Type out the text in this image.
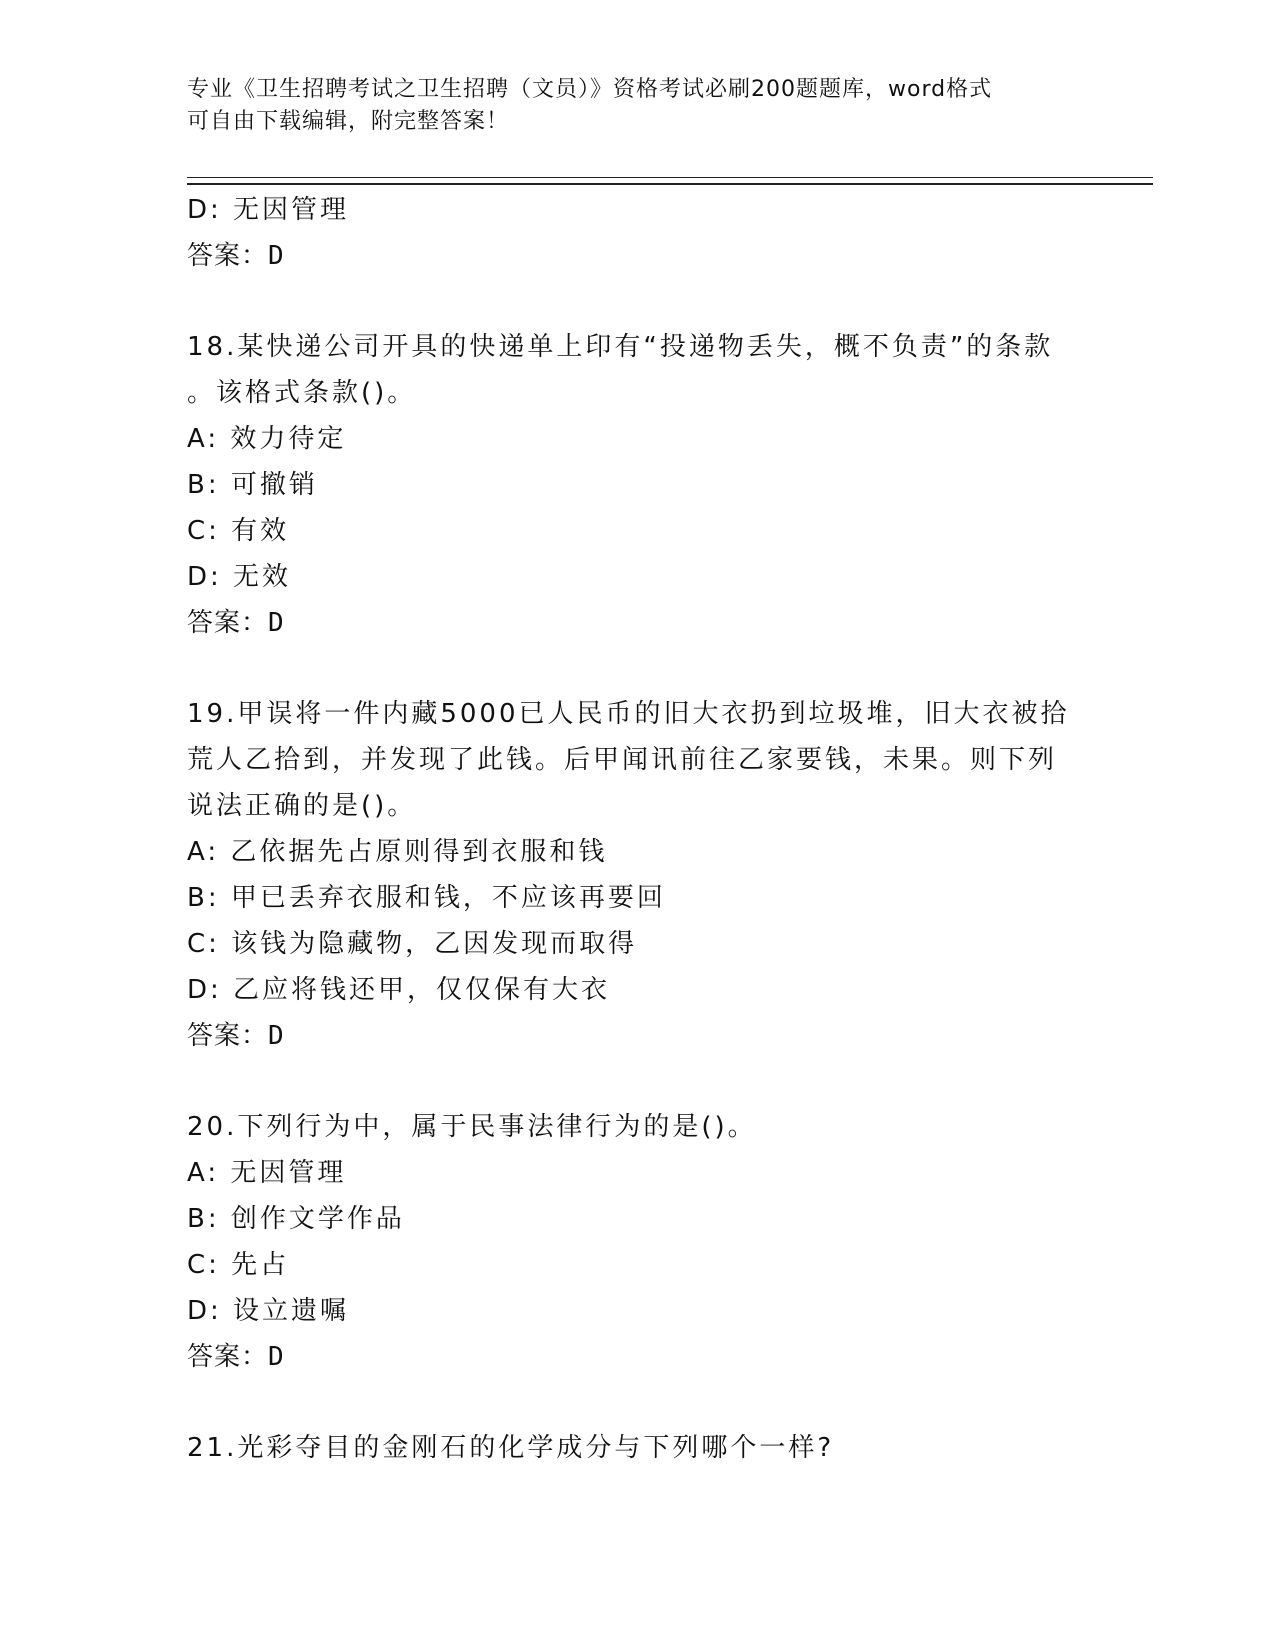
专业《卫生招聘考试之卫生招聘（文员）》资格考试必刷200题题库，word格式
可自由下载编辑，附完整答案！
D: 无因管理
答案：D
18.某快递公司开具的快递单上印有“投递物丢失，概不负责”的条款
。该格式条款()。
A: 效力待定
B: 可撤销
C: 有效
D: 无效
答案：D
19.甲误将一件内藏5000已人民币的旧大衣扔到垃圾堆，旧大衣被拾
荒人乙拾到，并发现了此钱。后甲闻讯前往乙家要钱，未果。则下列
说法正确的是()。
A: 乙依据先占原则得到衣服和钱
B: 甲已丢弃衣服和钱，不应该再要回
C: 该钱为隐藏物，乙因发现而取得
D: 乙应将钱还甲，仅仅保有大衣
答案：D
20.下列行为中，属于民事法律行为的是()。
A: 无因管理
B: 创作文学作品
C: 先占
D: 设立遗嘱
答案：D
21.光彩夺目的金刚石的化学成分与下列哪个一样?
